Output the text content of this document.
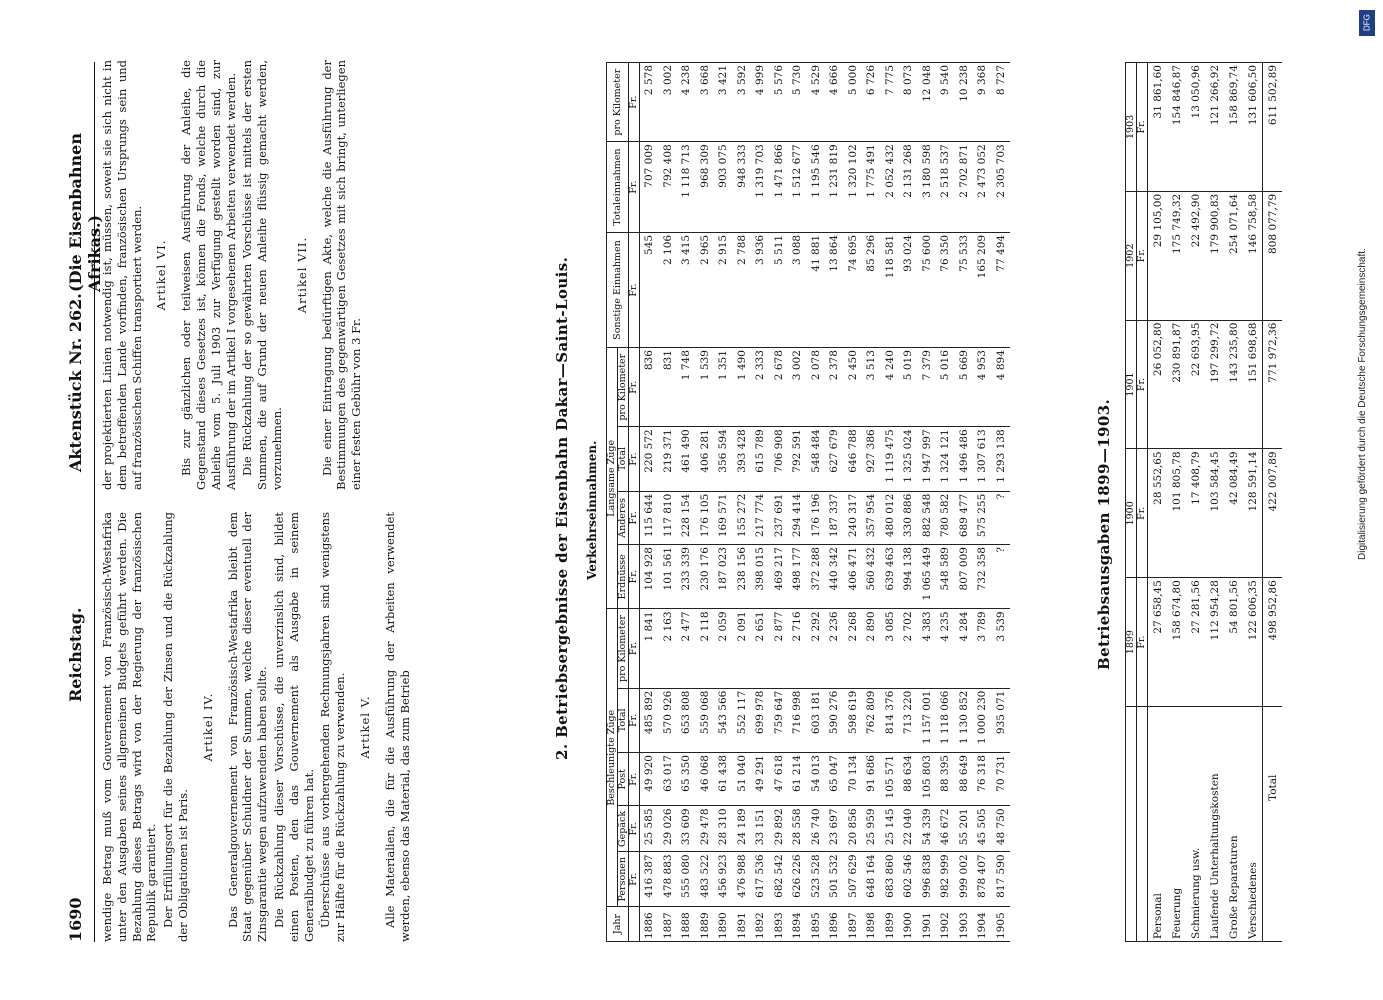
1690
Reichstag.
Aktenstück Nr. 262.
(Die Eisenbahnen Afrikas.)

wendige Betrag muß vom Gouvernement von Französisch-Westafrika unter den Ausgaben seines allgemeinen Budgets geführt werden. Die Bezahlung dieses Betrags wird von der Regierung der französischen Republik garantiert. Der Erfüllungsort für die Bezahlung der Zinsen und die Rückzahlung der Obligationen ist Paris.

Artikel IV. Das Generalgouvernement von Französisch-Westafrika bleibt dem Staat gegenüber Schuldner der Summen, welche dieser eventuell der Zinsgarantie wegen aufzuwenden haben sollte. Die Rückzahlung dieser Vorschüsse, die unverzinslich sind, bildet einen Posten, den das Gouvernement als Ausgabe in seinem Generalbudget zu führen hat. Überschüsse aus vorhergehenden Rechnungsjahren sind wenigstens zur Hälfte für die Rückzahlung zu verwenden. Artikel V. Alle Materialien, die für die Ausführung der Arbeiten verwendet werden, ebenso das Material, das zum Betrieb

der projektierten Linien notwendig ist, müssen, soweit sie sich nicht in dem betreffenden Lande vorfinden, französischen Ursprungs sein und auf französischen Schiffen transportiert werden. Artikel VI. Bis zur gänzlichen oder teilweisen Ausführung der Anleihe, die Gegenstand dieses Gesetzes ist, können die Fonds, welche durch die Anleihe vom 5. Juli 1903 zur Verfügung gestellt worden sind, zur Ausführung der im Artikel I vorgesehenen Arbeiten verwendet werden. Die Rückzahlung der so gewährten Vorschüsse ist mittels der ersten Summen, die auf Grund der neuen Anleihe flüssig gemacht werden, vorzunehmen.

Artikel VII. Die einer Eintragung bedürftigen Akte, welche die Ausführung der Bestimmungen des gegenwärtigen Gesetzes mit sich bringt, unterliegen einer festen Gebühr von 3 Fr.	2. Betriebsergebnisse der Eisenbahn Dakar—Saint-Louis. Verkehrseinnahmen.
Jahr	Beschleunigte Züge					Langsame Züge				Sonstige Einnahmen	Totaleinnahmen	pro Kilometer
	Personen	Gepäck	Post	Total	pro Kilometer	Erdnüsse	Anderes	Total	pro Kilometer			
	Fr.	Fr.	Fr.	Fr.	Fr.	Fr.	Fr.	Fr.	Fr.	Fr.	Fr.	Fr.
1886	416 387	25 585	49 920	485 892	1 841	104 928	115 644	220 572	836	545	707 009	2 578
1887	478 883	29 026	63 017	570 926	2 163	101 561	117 810	219 371	831	2 106	792 408	3 002
1888	555 080	33 609	65 350	653 808	2 477	233 339	228 154	461 490	1 748	3 415	1 118 713	4 238
1889	483 522	29 478	46 068	559 068	2 118	230 176	176 105	406 281	1 539	2 965	968 309	3 668
1890	456 923	28 310	61 438	543 566	2 059	187 023	169 571	356 594	1 351	2 915	903 075	3 421
1891	476 988	24 189	51 040	552 117	2 091	238 156	155 272	393 428	1 490	2 788	948 333	3 592
1892	617 536	33 151	49 291	699 978	2 651	398 015	217 774	615 789	2 333	3 936	1 319 703	4 999
1893	682 542	29 892	47 618	759 647	2 877	469 217	237 691	706 908	2 678	5 511	1 471 866	5 576
1894	626 226	28 558	61 214	716 998	2 716	498 177	294 414	792 591	3 002	3 088	1 512 677	5 730
1895	523 528	26 740	54 013	603 181	2 292	372 288	176 196	548 484	2 078	41 881	1 195 546	4 529
1896	501 532	23 697	65 047	590 276	2 236	440 342	187 337	627 679	2 378	13 864	1 231 819	4 666
1897	507 629	20 856	70 134	598 619	2 268	406 471	240 317	646 788	2 450	74 695	1 320 102	5 000
1898	648 164	25 959	91 686	762 809	2 890	560 432	357 954	927 386	3 513	85 296	1 775 491	6 726
1899	683 860	25 145	105 571	814 376	3 085	639 463	480 012	1 119 475	4 240	118 581	2 052 432	7 775
1900	602 546	22 040	88 634	713 220	2 702	994 138	330 886	1 325 024	5 019	93 024	2 131 268	8 073
1901	996 838	54 339	105 803	1 157 001	4 383	1 065 449	882 548	1 947 997	7 379	75 600	3 180 598	12 048
1902	982 999	46 672	88 395	1 118 066	4 235	548 589	780 582	1 324 121	5 016	76 350	2 518 537	9 540
1903	999 002	55 201	88 649	1 130 852	4 284	807 009	689 477	1 496 486	5 669	75 533	2 702 871	10 238
1904	878 407	45 505	76 318	1 000 230	3 789	732 358	575 255	1 307 613	4 953	165 209	2 473 052	9 368
1905	817 590	48 750	70 731	935 071	3 539	?	?	1 293 138	4 894	77 494	2 305 703	8 727
Betriebsausgaben 1899—1903.
	1899	1900	1901	1902	1903
	Fr.	Fr.	Fr.	Fr.	Fr.
Personal	27 658,45	28 552,65	26 052,80	29 105,00	31 861,60
Feuerung	158 674,80	101 805,78	230 891,87	175 749,32	154 846,87
Schmierung usw.	27 281,56	17 408,79	22 693,95	22 492,90	13 050,96
Laufende Unterhaltungskosten	112 954,28	103 584,45	197 299,72	179 900,83	121 266,92
Große Reparaturen	54 801,56	42 084,49	143 235,80	254 071,64	158 869,74
Verschiedenes	122 606,35	128 591,14	151 698,68	146 758,58	131 606,50
Total	498 952,86	422 007,89	771 972,36	808 077,79	611 502,89
DFG
Digitalisierung gefördert durch die Deutsche Forschungsgemeinschaft.
